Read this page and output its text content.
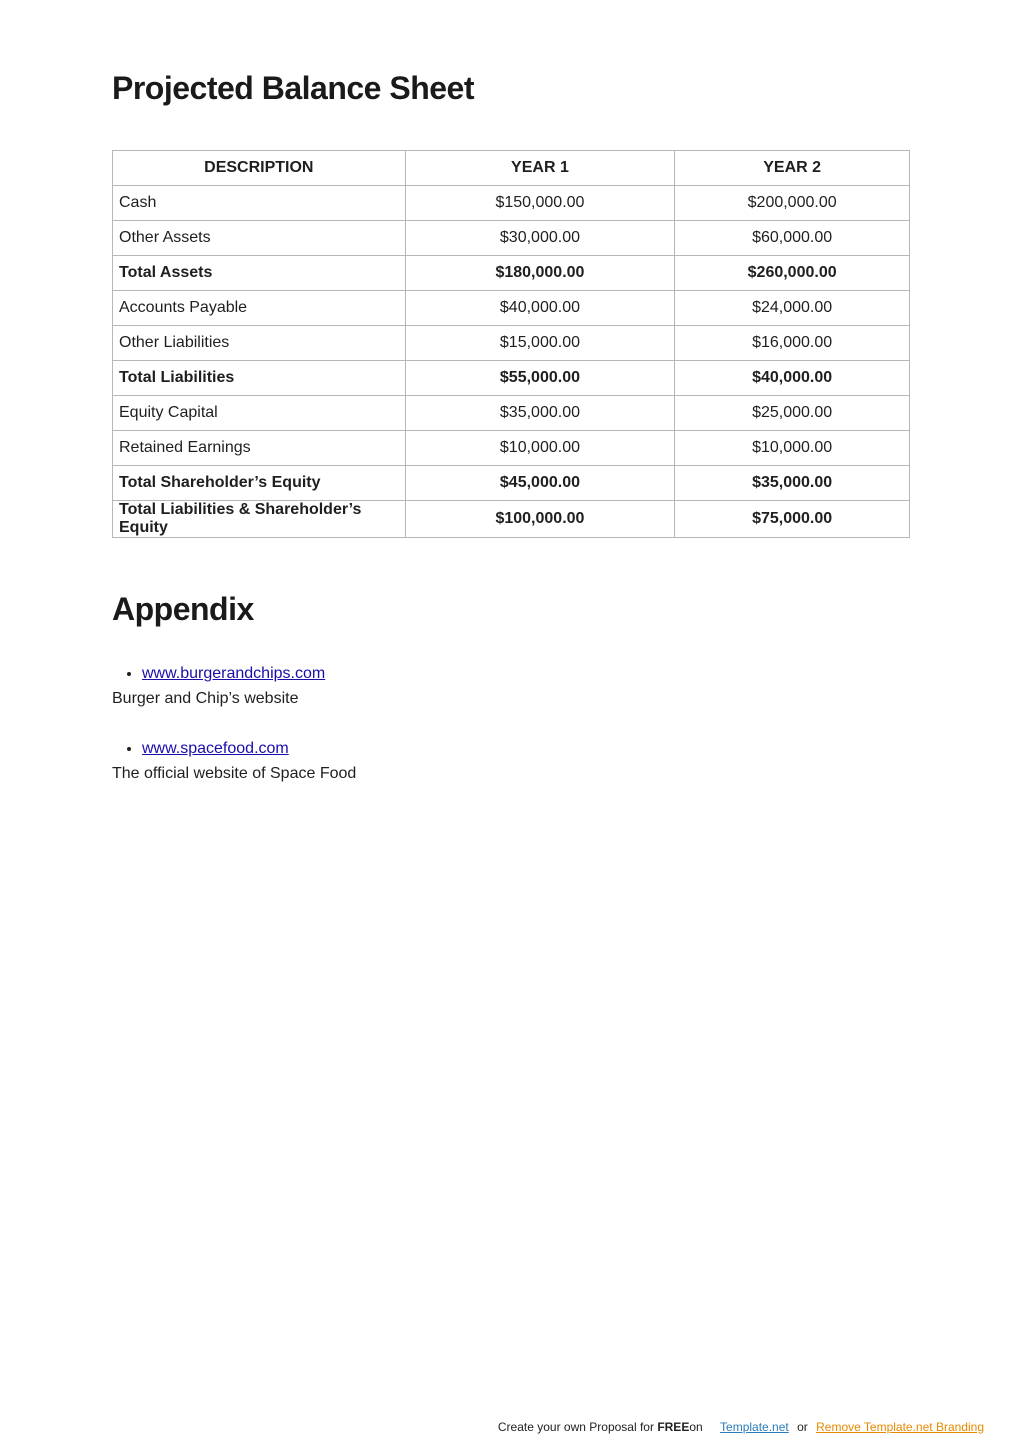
Projected Balance Sheet
DESCRIPTION	YEAR 1	YEAR 2
Cash	$150,000.00	$200,000.00
Other Assets	$30,000.00	$60,000.00
Total Assets	$180,000.00	$260,000.00
Accounts Payable	$40,000.00	$24,000.00
Other Liabilities	$15,000.00	$16,000.00
Total Liabilities	$55,000.00	$40,000.00
Equity Capital	$35,000.00	$25,000.00
Retained Earnings	$10,000.00	$10,000.00
Total Shareholder’s Equity	$45,000.00	$35,000.00
Total Liabilities & Shareholder’s Equity	$100,000.00	$75,000.00
Appendix
• www.burgerandchips.com
Burger and Chip’s website
• www.spacefood.com
The official website of Space Food
Create your own Proposal for FREEon Template.net or Remove Template.net Branding
